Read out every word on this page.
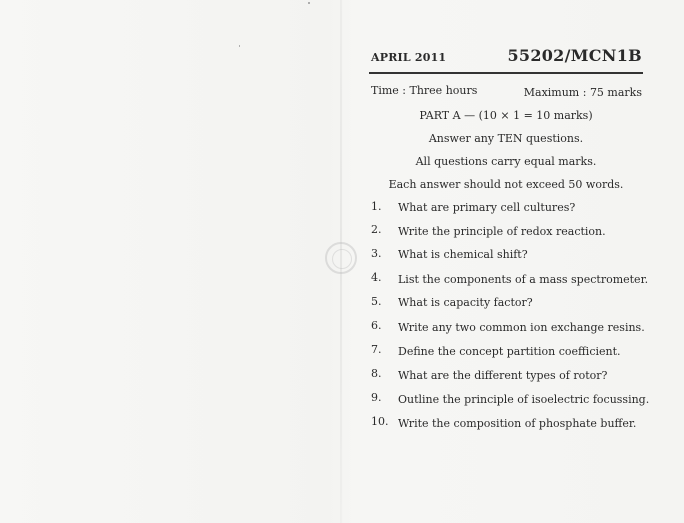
APRIL 2011	55202/MCN1B
Time : Three hours	Maximum : 75 marks
PART A — (10 × 1 = 10 marks)
Answer any TEN questions.
All questions carry equal marks.
Each answer should not exceed 50 words.
1. What are primary cell cultures?
2. Write the principle of redox reaction.
3. What is chemical shift?
4. List the components of a mass spectrometer.
5. What is capacity factor?
6. Write any two common ion exchange resins.
7. Define the concept partition coefficient.
8. What are the different types of rotor?
9. Outline the principle of isoelectric focussing.
10. Write the composition of phosphate buffer.
